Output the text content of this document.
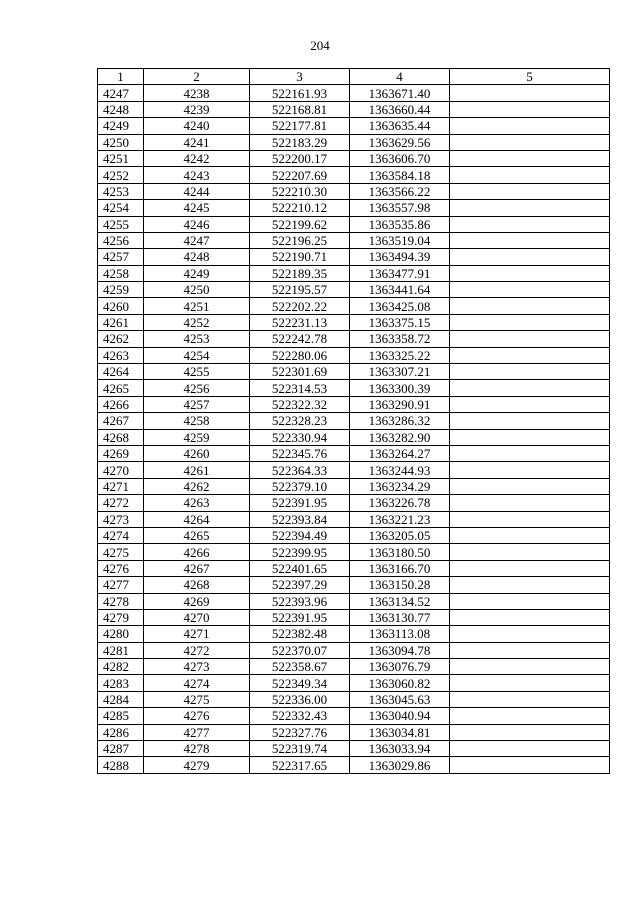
204
1	2	3	4	5
4247	4238	522161.93	1363671.40	
4248	4239	522168.81	1363660.44	
4249	4240	522177.81	1363635.44	
4250	4241	522183.29	1363629.56	
4251	4242	522200.17	1363606.70	
4252	4243	522207.69	1363584.18	
4253	4244	522210.30	1363566.22	
4254	4245	522210.12	1363557.98	
4255	4246	522199.62	1363535.86	
4256	4247	522196.25	1363519.04	
4257	4248	522190.71	1363494.39	
4258	4249	522189.35	1363477.91	
4259	4250	522195.57	1363441.64	
4260	4251	522202.22	1363425.08	
4261	4252	522231.13	1363375.15	
4262	4253	522242.78	1363358.72	
4263	4254	522280.06	1363325.22	
4264	4255	522301.69	1363307.21	
4265	4256	522314.53	1363300.39	
4266	4257	522322.32	1363290.91	
4267	4258	522328.23	1363286.32	
4268	4259	522330.94	1363282.90	
4269	4260	522345.76	1363264.27	
4270	4261	522364.33	1363244.93	
4271	4262	522379.10	1363234.29	
4272	4263	522391.95	1363226.78	
4273	4264	522393.84	1363221.23	
4274	4265	522394.49	1363205.05	
4275	4266	522399.95	1363180.50	
4276	4267	522401.65	1363166.70	
4277	4268	522397.29	1363150.28	
4278	4269	522393.96	1363134.52	
4279	4270	522391.95	1363130.77	
4280	4271	522382.48	1363113.08	
4281	4272	522370.07	1363094.78	
4282	4273	522358.67	1363076.79	
4283	4274	522349.34	1363060.82	
4284	4275	522336.00	1363045.63	
4285	4276	522332.43	1363040.94	
4286	4277	522327.76	1363034.81	
4287	4278	522319.74	1363033.94	
4288	4279	522317.65	1363029.86	
